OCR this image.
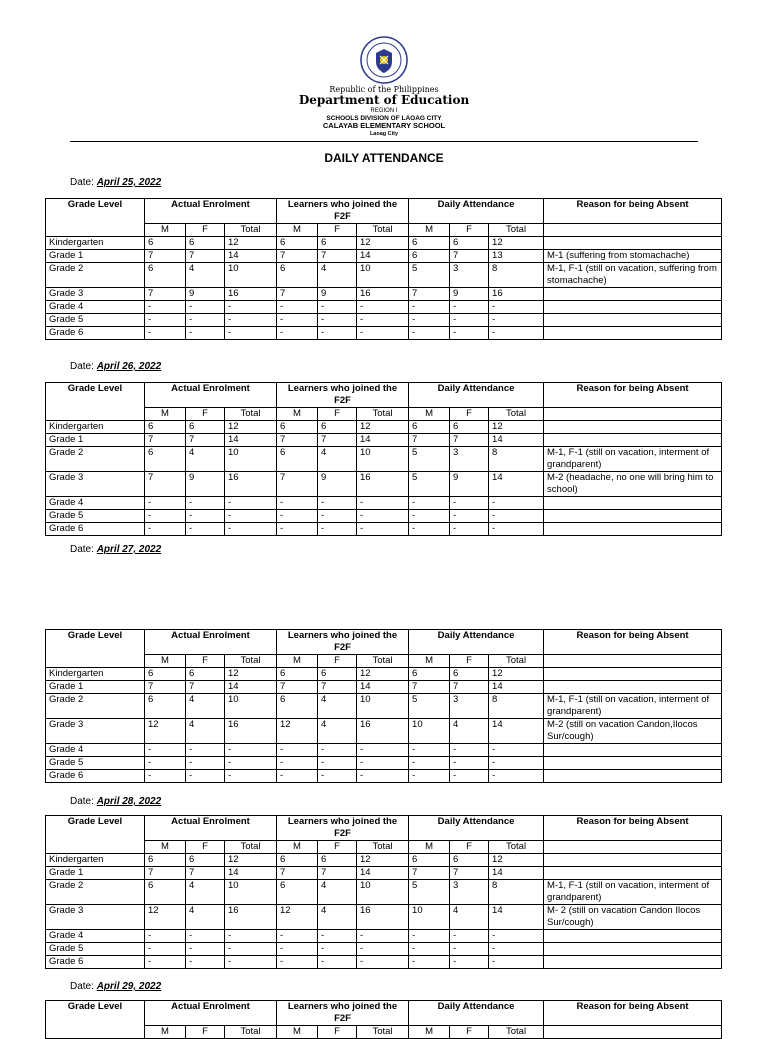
Republic of the Philippines
Department of Education
REGION I
SCHOOLS DIVISION OF LAOAG CITY
CALAYAB ELEMENTARY SCHOOL
Laoag City
DAILY ATTENDANCE
Date: April 25, 2022
Grade Level	Actual Enrolment			Learners who joined the F2F			Daily Attendance			Reason for being Absent
	M	F	Total	M	F	Total	M	F	Total	
Kindergarten	6	6	12	6	6	12	6	6	12	
Grade 1	7	7	14	7	7	14	6	7	13	M-1 (suffering from stomachache)
Grade 2	6	4	10	6	4	10	5	3	8	M-1, F-1 (still on vacation, suffering from stomachache)
Grade 3	7	9	16	7	9	16	7	9	16	
Grade 4	-	-	-	-	-	-	-	-	-	
Grade 5	-	-	-	-	-	-	-	-	-	
Grade 6	-	-	-	-	-	-	-	-	-	
Date: April 26, 2022
Grade Level	Actual Enrolment			Learners who joined the F2F			Daily Attendance			Reason for being Absent
	M	F	Total	M	F	Total	M	F	Total	
Kindergarten	6	6	12	6	6	12	6	6	12	
Grade 1	7	7	14	7	7	14	7	7	14	
Grade 2	6	4	10	6	4	10	5	3	8	M-1, F-1 (still on vacation, interment of grandparent)
Grade 3	7	9	16	7	9	16	5	9	14	M-2 (headache, no one will bring him to school)
Grade 4	-	-	-	-	-	-	-	-	-	
Grade 5	-	-	-	-	-	-	-	-	-	
Grade 6	-	-	-	-	-	-	-	-	-	
Date: April 27, 2022
Grade Level	Actual Enrolment			Learners who joined the F2F			Daily Attendance			Reason for being Absent
	M	F	Total	M	F	Total	M	F	Total	
Kindergarten	6	6	12	6	6	12	6	6	12	
Grade 1	7	7	14	7	7	14	7	7	14	
Grade 2	6	4	10	6	4	10	5	3	8	M-1, F-1 (still on vacation, interment of grandparent)
Grade 3	12	4	16	12	4	16	10	4	14	M-2 (still on vacation Candon,Ilocos Sur/cough)
Grade 4	-	-	-	-	-	-	-	-	-	
Grade 5	-	-	-	-	-	-	-	-	-	
Grade 6	-	-	-	-	-	-	-	-	-	
Date: April 28, 2022
Grade Level	Actual Enrolment			Learners who joined the F2F			Daily Attendance			Reason for being Absent
	M	F	Total	M	F	Total	M	F	Total	
Kindergarten	6	6	12	6	6	12	6	6	12	
Grade 1	7	7	14	7	7	14	7	7	14	
Grade 2	6	4	10	6	4	10	5	3	8	M-1, F-1 (still on vacation, interment of grandparent)
Grade 3	12	4	16	12	4	16	10	4	14	M- 2 (still on vacation Candon Ilocos Sur/cough)
Grade 4	-	-	-	-	-	-	-	-	-	
Grade 5	-	-	-	-	-	-	-	-	-	
Grade 6	-	-	-	-	-	-	-	-	-	
Date: April 29, 2022
Grade Level	Actual Enrolment			Learners who joined the F2F			Daily Attendance			Reason for being Absent
	M	F	Total	M	F	Total	M	F	Total	
